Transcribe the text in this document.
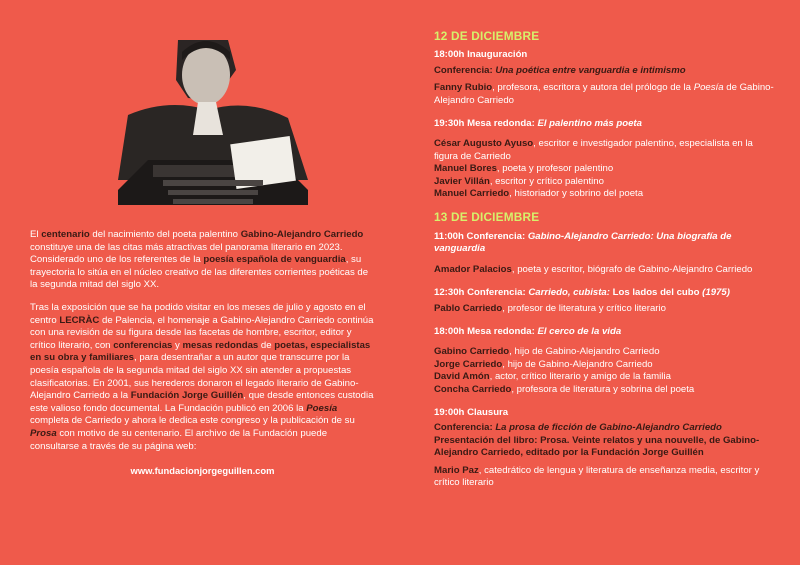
El centenario del nacimiento del poeta palentino Gabino-Alejandro Carriedo constituye una de las citas más atractivas del panorama literario en 2023. Considerado uno de los referentes de la poesía española de vanguardia, su trayectoria lo sitúa en el núcleo creativo de las diferentes corrientes poéticas de la segunda mitad del siglo XX.

Tras la exposición que se ha podido visitar en los meses de julio y agosto en el centro LECRÀC de Palencia, el homenaje a Gabino-Alejandro Carriedo continúa con una revisión de su figura desde las facetas de hombre, escritor, editor y crítico literario, con conferencias y mesas redondas de poetas, especialistas en su obra y familiares, para desentrañar a un autor que transcurre por la poesía española de la segunda mitad del siglo XX sin atender a propuestas clasificatorias. En 2001, sus herederos donaron el legado literario de Gabino-Alejandro Carriedo a la Fundación Jorge Guillén, que desde entonces custodia este valioso fondo documental. La Fundación publicó en 2006 la Poesía completa de Carriedo y ahora le dedica este congreso y la publicación de su Prosa con motivo de su centenario. El archivo de la Fundación puede consultarse a través de su página web:

www.fundacionjorgeguillen.com
12 DE DICIEMBRE
18:00h Inauguración
Conferencia: Una poética entre vanguardia e intimismo
Fanny Rubio, profesora, escritora y autora del prólogo de la Poesía de Gabino-Alejandro Carriedo
19:30h Mesa redonda: El palentino más poeta
César Augusto Ayuso, escritor e investigador palentino, especialista en la figura de Carriedo
Manuel Bores, poeta y profesor palentino
Javier Villán, escritor y crítico palentino
Manuel Carriedo, historiador y sobrino del poeta
13 DE DICIEMBRE
11:00h Conferencia: Gabino-Alejandro Carriedo: Una biografía de vanguardia
Amador Palacios, poeta y escritor, biógrafo de Gabino-Alejandro Carriedo
12:30h Conferencia: Carriedo, cubista: Los lados del cubo (1975)
Pablo Carriedo, profesor de literatura y crítico literario
18:00h Mesa redonda: El cerco de la vida
Gabino Carriedo, hijo de Gabino-Alejandro Carriedo
Jorge Carriedo, hijo de Gabino-Alejandro Carriedo
David Amón, actor, crítico literario y amigo de la familia
Concha Carriedo, profesora de literatura y sobrina del poeta
19:00h Clausura
Conferencia: La prosa de ficción de Gabino-Alejandro Carriedo
Presentación del libro: Prosa. Veinte relatos y una nouvelle, de Gabino-Alejandro Carriedo, editado por la Fundación Jorge Guillén
Mario Paz, catedrático de lengua y literatura de enseñanza media, escritor y crítico literario
